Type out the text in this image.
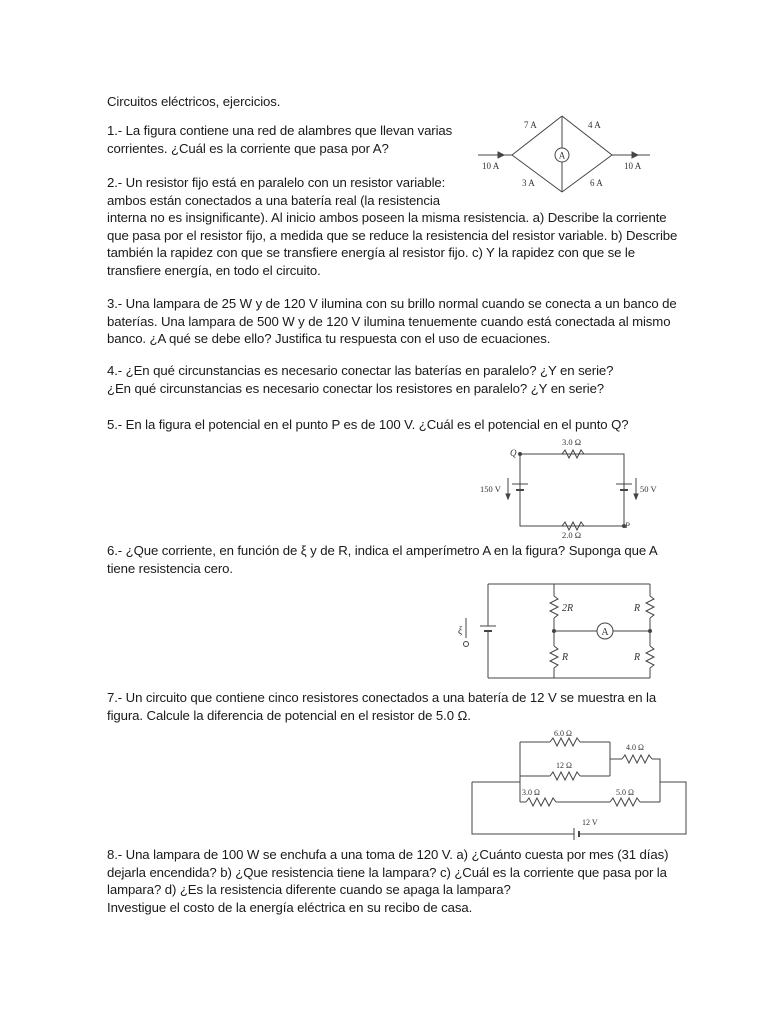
Circuitos eléctricos, ejercicios.

1.- La figura contiene una red de alambres que llevan varias

corrientes. ¿Cuál es la corriente que pasa por A?

2.- Un resistor fijo está en paralelo con un resistor variable:

ambos están conectados a una batería real (la resistencia

interna no es insignificante). Al inicio ambos poseen la misma resistencia. a) Describe la corriente

que pasa por el resistor fijo, a medida que se reduce la resistencia del resistor variable. b) Describe

también la rapidez con que se transfiere energía al resistor fijo. c) Y la rapidez con que se le

transfiere energía, en todo el circuito.

3.- Una lampara de 25 W y de 120 V ilumina con su brillo normal cuando se conecta a un banco de

baterías. Una lampara de 500 W y de 120 V ilumina tenuemente cuando está conectada al mismo

banco. ¿A qué se debe ello? Justifica tu respuesta con el uso de ecuaciones.

4.- ¿En qué circunstancias es necesario conectar las baterías en paralelo? ¿Y en serie?

¿En qué circunstancias es necesario conectar los resistores en paralelo? ¿Y en serie?

5.- En la figura el potencial en el punto P es de 100 V. ¿Cuál es el potencial en el punto Q?

6.- ¿Que corriente, en función de ξ y de R, indica el amperímetro A en la figura? Suponga que A

tiene resistencia cero.

7.- Un circuito que contiene cinco resistores conectados a una batería de 12 V se muestra en la

figura. Calcule la diferencia de potencial en el resistor de 5.0 Ω.

8.- Una lampara de 100 W se enchufa a una toma de 120 V. a) ¿Cuánto cuesta por mes (31 días)

dejarla encendida? b) ¿Que resistencia tiene la lampara? c) ¿Cuál es la corriente que pasa por la

lampara? d) ¿Es la resistencia diferente cuando se apaga la lampara?

Investigue el costo de la energía eléctrica en su recibo de casa.

A
10 A	10 A
7 A	4 A
3 A	6 A
3.0 Ω
2.0 Ω
150 V	50 V
Q
P
ξ	A
2R	R
R	R
6.0 Ω
4.0 Ω
12 Ω
3.0 Ω	5.0 Ω
12 V
